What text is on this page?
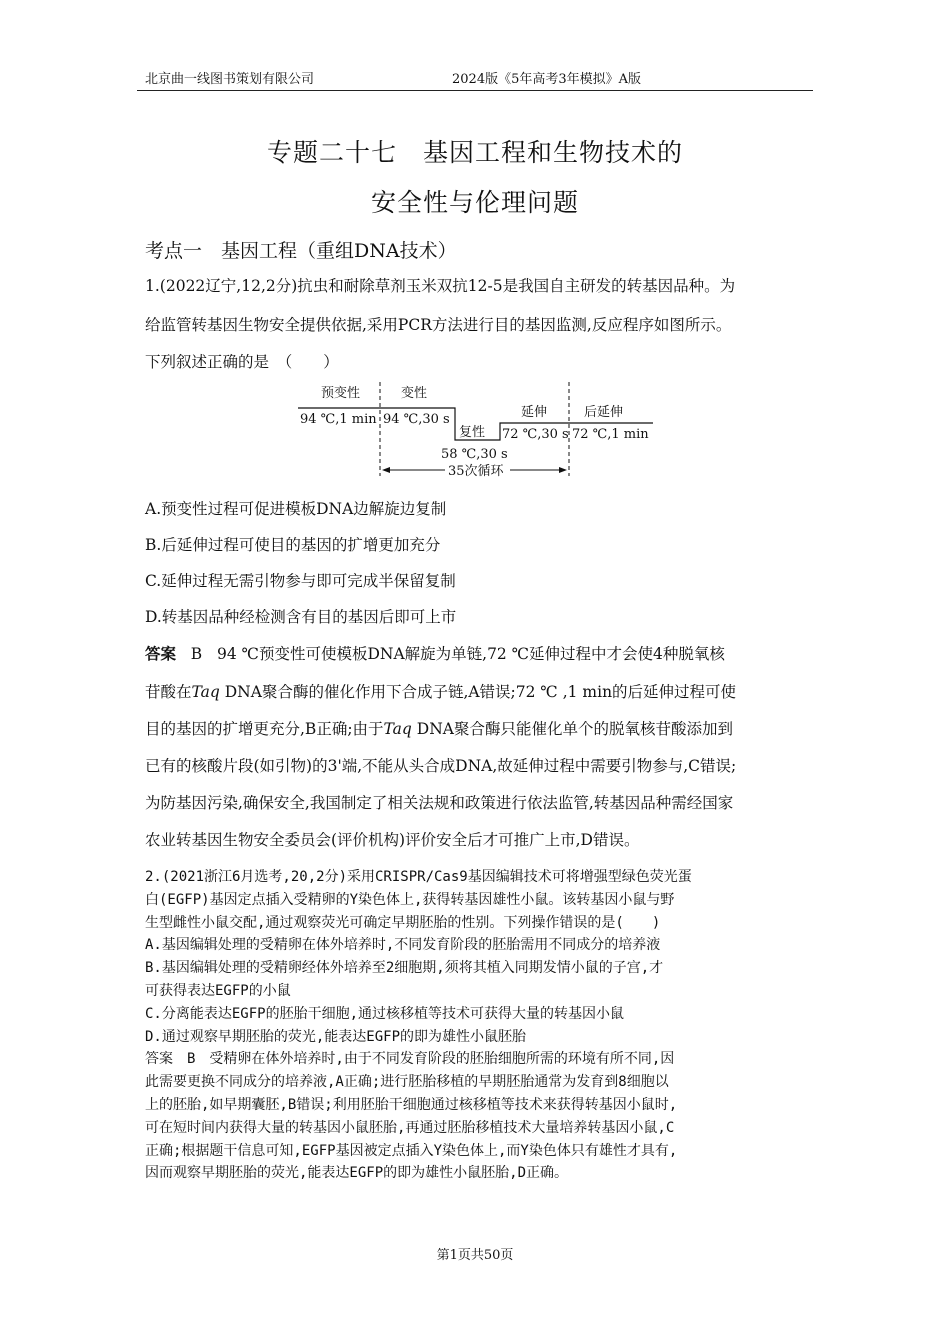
北京曲一线图书策划有限公司	2024版《5年高考3年模拟》A版
专题二十七　基因工程和生物技术的
安全性与伦理问题
考点一　基因工程（重组DNA技术）
1.(2022辽宁,12,2分)抗虫和耐除草剂玉米双抗12-5是我国自主研发的转基因品种。为
给监管转基因生物安全提供依据,采用PCR方法进行目的基因监测,反应程序如图所示。
下列叙述正确的是　（　　）
预变性	变性
延伸	后延伸
复性
94 ℃,1 min 94 ℃,30 s
58 ℃,30 s
72 ℃,30 s 72 ℃,1 min
35次循环
A.预变性过程可促进模板DNA边解旋边复制
B.后延伸过程可使目的基因的扩增更加充分
C.延伸过程无需引物参与即可完成半保留复制
D.转基因品种经检测含有目的基因后即可上市
答案 B 94 ℃预变性可使模板DNA解旋为单链,72 ℃延伸过程中才会使4种脱氧核
苷酸在Taq DNA聚合酶的催化作用下合成子链,A错误;72 ℃ ,1 min的后延伸过程可使
目的基因的扩增更充分,B正确;由于Taq DNA聚合酶只能催化单个的脱氧核苷酸添加到
已有的核酸片段(如引物)的3'端,不能从头合成DNA,故延伸过程中需要引物参与,C错误;
为防基因污染,确保安全,我国制定了相关法规和政策进行依法监管,转基因品种需经国家
农业转基因生物安全委员会(评价机构)评价安全后才可推广上市,D错误。
2.(2021浙江6月选考,20,2分)采用CRISPR/Cas9基因编辑技术可将增强型绿色荧光蛋
白(EGFP)基因定点插入受精卵的Y染色体上,获得转基因雄性小鼠。该转基因小鼠与野
生型雌性小鼠交配,通过观察荧光可确定早期胚胎的性别。下列操作错误的是(　　)
A.基因编辑处理的受精卵在体外培养时,不同发育阶段的胚胎需用不同成分的培养液
B.基因编辑处理的受精卵经体外培养至2细胞期,须将其植入同期发情小鼠的子宫,才
可获得表达EGFP的小鼠
C.分离能表达EGFP的胚胎干细胞,通过核移植等技术可获得大量的转基因小鼠
D.通过观察早期胚胎的荧光,能表达EGFP的即为雄性小鼠胚胎
答案　B　受精卵在体外培养时,由于不同发育阶段的胚胎细胞所需的环境有所不同,因
此需要更换不同成分的培养液,A正确;进行胚胎移植的早期胚胎通常为发育到8细胞以
上的胚胎,如早期囊胚,B错误;利用胚胎干细胞通过核移植等技术来获得转基因小鼠时,
可在短时间内获得大量的转基因小鼠胚胎,再通过胚胎移植技术大量培养转基因小鼠,C
正确;根据题干信息可知,EGFP基因被定点插入Y染色体上,而Y染色体只有雄性才具有,
因而观察早期胚胎的荧光,能表达EGFP的即为雄性小鼠胚胎,D正确。
第1页共50页
